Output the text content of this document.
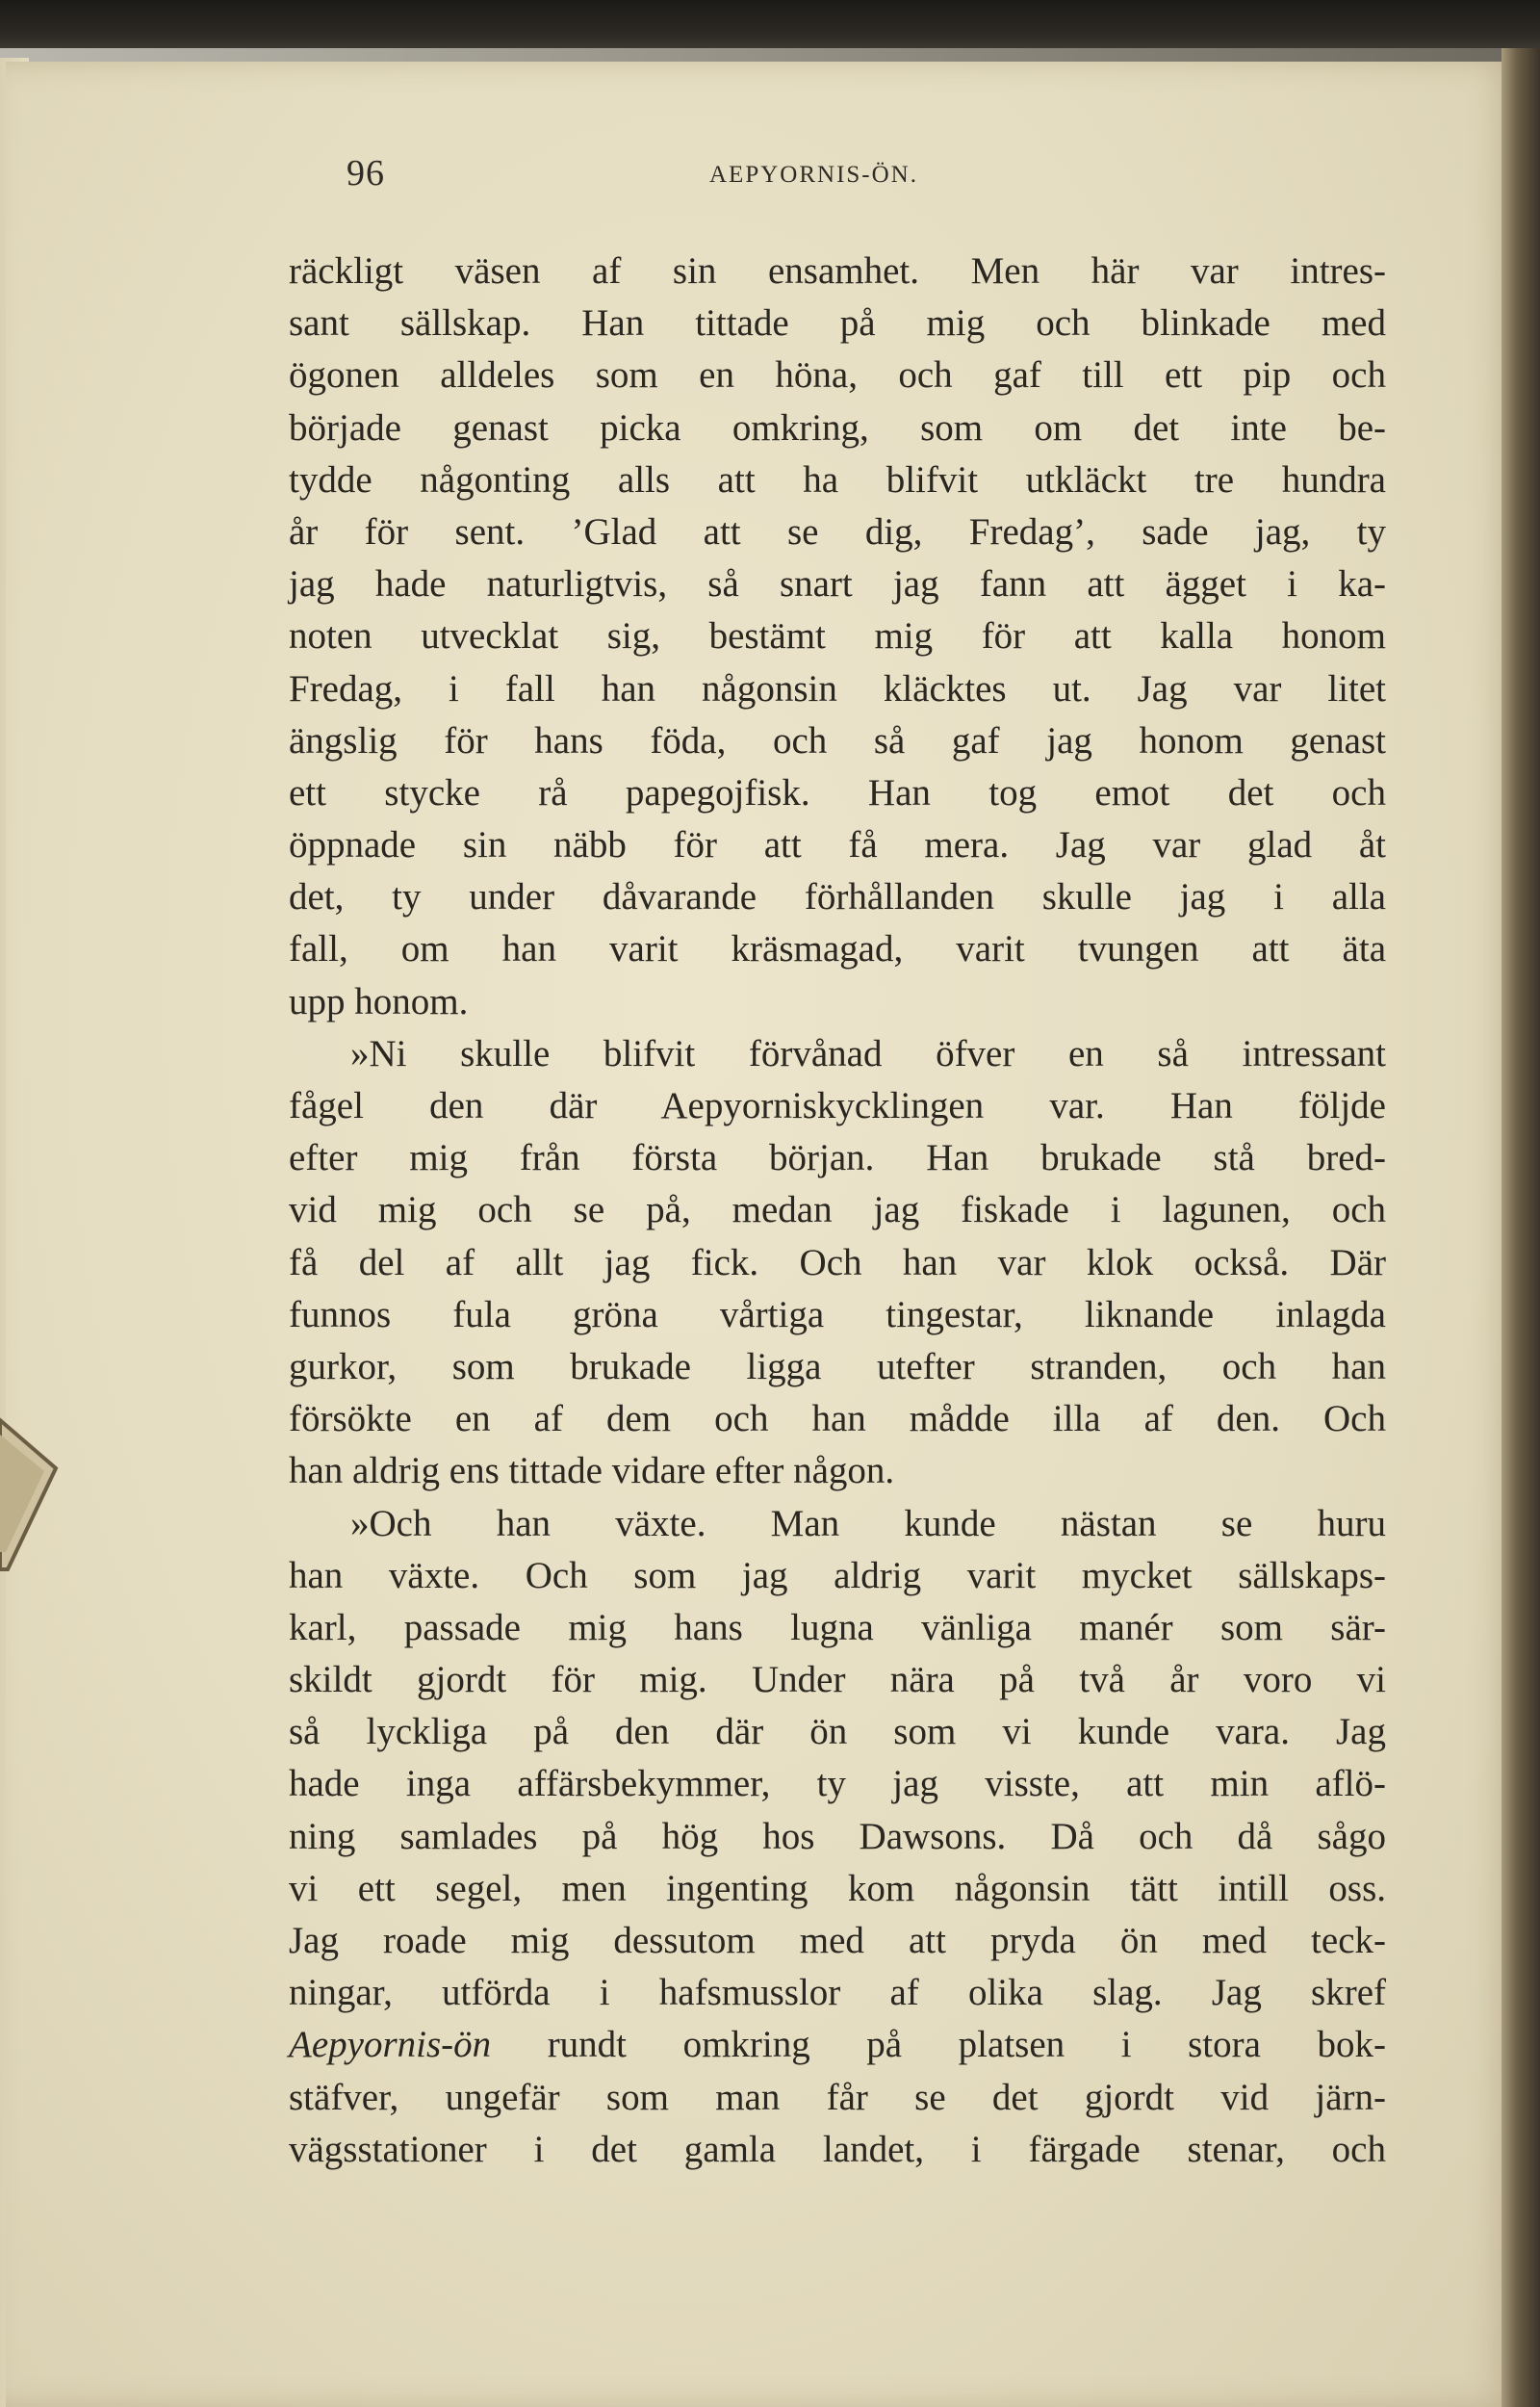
96	AEPYORNIS-ÖN.
räckligt väsen af sin ensamhet. Men här var intres-
sant sällskap. Han tittade på mig och blinkade med
ögonen alldeles som en höna, och gaf till ett pip och
började genast picka omkring, som om det inte be-
tydde någonting alls att ha blifvit utkläckt tre hundra
år för sent. ’Glad att se dig, Fredag’, sade jag, ty
jag hade naturligtvis, så snart jag fann att ägget i ka-
noten utvecklat sig, bestämt mig för att kalla honom
Fredag, i fall han någonsin kläcktes ut. Jag var litet
ängslig för hans föda, och så gaf jag honom genast
ett stycke rå papegojfisk. Han tog emot det och
öppnade sin näbb för att få mera. Jag var glad åt
det, ty under dåvarande förhållanden skulle jag i alla
fall, om han varit kräsmagad, varit tvungen att äta
upp honom.
»Ni skulle blifvit förvånad öfver en så intressant
fågel den där Aepyorniskycklingen var. Han följde
efter mig från första början. Han brukade stå bred-
vid mig och se på, medan jag fiskade i lagunen, och
få del af allt jag fick. Och han var klok också. Där
funnos fula gröna vårtiga tingestar, liknande inlagda
gurkor, som brukade ligga utefter stranden, och han
försökte en af dem och han mådde illa af den. Och
han aldrig ens tittade vidare efter någon.
»Och han växte. Man kunde nästan se huru
han växte. Och som jag aldrig varit mycket sällskaps-
karl, passade mig hans lugna vänliga manér som sär-
skildt gjordt för mig. Under nära på två år voro vi
så lyckliga på den där ön som vi kunde vara. Jag
hade inga affärsbekymmer, ty jag visste, att min aflö-
ning samlades på hög hos Dawsons. Då och då sågo
vi ett segel, men ingenting kom någonsin tätt intill oss.
Jag roade mig dessutom med att pryda ön med teck-
ningar, utförda i hafsmusslor af olika slag. Jag skref
Aepyornis-ön rundt omkring på platsen i stora bok-
stäfver, ungefär som man får se det gjordt vid järn-
vägsstationer i det gamla landet, i färgade stenar, och
